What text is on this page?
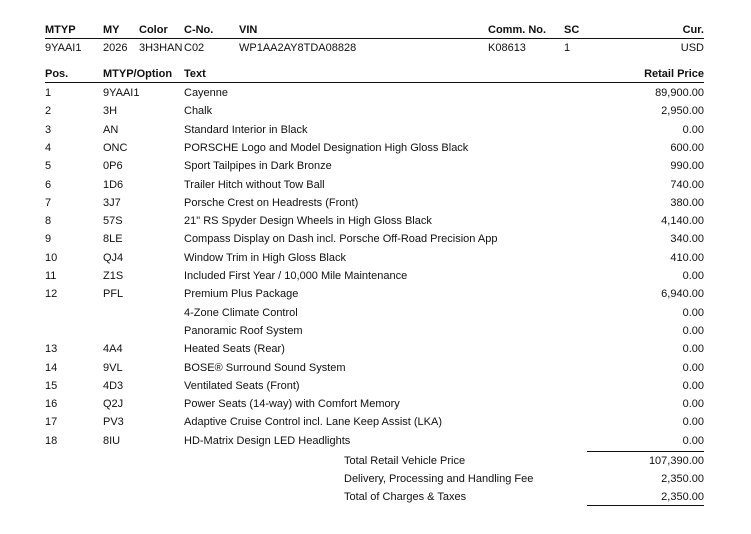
MTYP MY Color C-No. VIN	Comm. No. SC	Cur.
9YAAI1 2026 3H3HAN C02	WP1AA2AY8TDA08828	K08613	1	USD
Pos.	MTYP/Option Text	Retail Price
1	9YAAI1	Cayenne	89,900.00
2	3H	Chalk	2,950.00
3	AN	Standard Interior in Black	0.00
4	ONC	PORSCHE Logo and Model Designation High Gloss Black	600.00
5	0P6	Sport Tailpipes in Dark Bronze	990.00
6	1D6	Trailer Hitch without Tow Ball	740.00
7	3J7	Porsche Crest on Headrests (Front)	380.00
8	57S	21" RS Spyder Design Wheels in High Gloss Black	4,140.00
9	8LE	Compass Display on Dash incl. Porsche Off-Road Precision App	340.00
10	QJ4	Window Trim in High Gloss Black	410.00
11	Z1S	Included First Year / 10,000 Mile Maintenance	0.00
12	PFL	Premium Plus Package	6,940.00
4-Zone Climate Control	0.00
Panoramic Roof System	0.00
13	4A4	Heated Seats (Rear)	0.00
14	9VL	BOSE® Surround Sound System	0.00
15	4D3	Ventilated Seats (Front)	0.00
16	Q2J	Power Seats (14-way) with Comfort Memory	0.00
17	PV3	Adaptive Cruise Control incl. Lane Keep Assist (LKA)	0.00
18	8IU	HD-Matrix Design LED Headlights	0.00
Total Retail Vehicle Price	107,390.00
Delivery, Processing and Handling Fee	2,350.00
Total of Charges & Taxes	2,350.00
